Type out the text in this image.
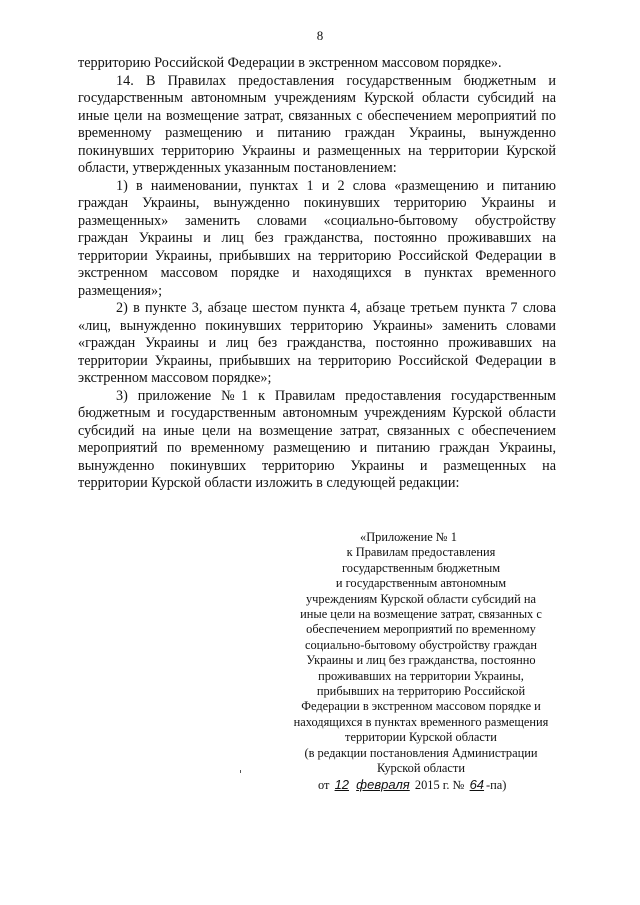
8

территорию Российской Федерации в экстренном массовом порядке».

14. В Правилах предоставления государственным бюджетным и государственным автономным учреждениям Курской области субсидий на иные цели на возмещение затрат, связанных с обеспечением мероприятий по временному размещению и питанию граждан Украины, вынужденно покинувших территорию Украины и размещенных на территории Курской области, утвержденных указанным постановлением:

1) в наименовании, пунктах 1 и 2 слова «размещению и питанию граждан Украины, вынужденно покинувших территорию Украины и размещенных» заменить словами «социально-бытовому обустройству граждан Украины и лиц без гражданства, постоянно проживавших на территории Украины, прибывших на территорию Российской Федерации в экстренном массовом порядке и находящихся в пунктах временного размещения»;

2) в пункте 3, абзаце шестом пункта 4, абзаце третьем пункта 7 слова «лиц, вынужденно покинувших территорию Украины» заменить словами «граждан Украины и лиц без гражданства, постоянно проживавших на территории Украины, прибывших на территорию Российской Федерации в экстренном массовом порядке»;

3) приложение №1 к Правилам предоставления государственным бюджетным и государственным автономным учреждениям Курской области субсидий на иные цели на возмещение затрат, связанных с обеспечением мероприятий по временному размещению и питанию граждан Украины, вынужденно покинувших территорию Украины и размещенных на территории Курской области изложить в следующей редакции:

«Приложение № 1
к Правилам предоставления
государственным бюджетным
и государственным автономным
учреждениям Курской области субсидий на
иные цели на возмещение затрат, связанных с
обеспечением мероприятий по временному
социально-бытовому обустройству граждан
Украины и лиц без гражданства, постоянно
проживавших на территории Украины,
прибывших на территорию Российской
Федерации в экстренном массовом порядке и
находящихся в пунктах временного размещения
территории Курской области
(в редакции постановления Администрации
Курской области
от 12 февраля 2015 г. № 64 -па)
